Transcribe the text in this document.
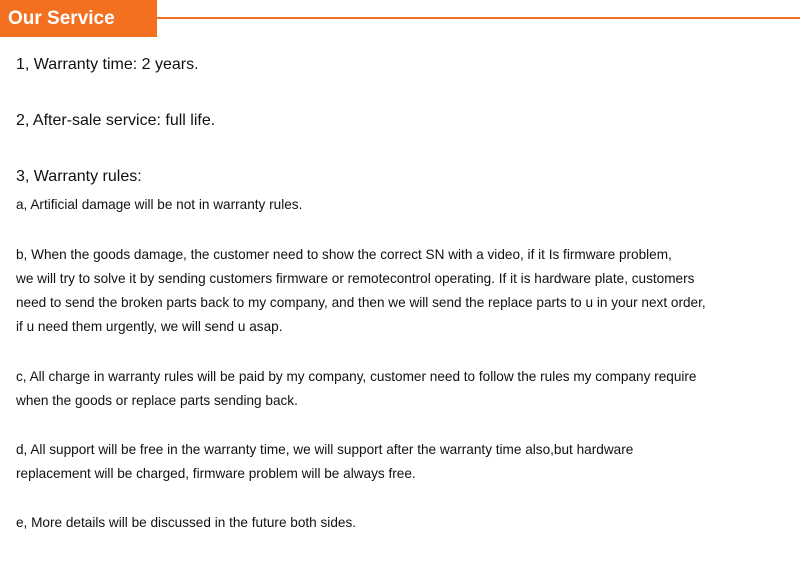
Our Service
1, Warranty time: 2 years.
2, After-sale service: full life.
3, Warranty rules:
a, Artificial damage will be not in warranty rules.
b, When the goods damage, the customer need to show the correct SN with a video, if it Is firmware problem,
we will try to solve it by sending customers firmware or remotecontrol operating. If it is hardware plate, customers
need to send the broken parts back to my company, and then we will send the replace parts to u in your next order,
if u need them urgently, we will send u asap.
c, All charge in warranty rules will be paid by my company, customer need to follow the rules my company require
when the goods or replace parts sending back.
d, All support will be free in the warranty time, we will support after the warranty time also,but hardware
replacement will be charged, firmware problem will be always free.
e, More details will be discussed in the future both sides.
